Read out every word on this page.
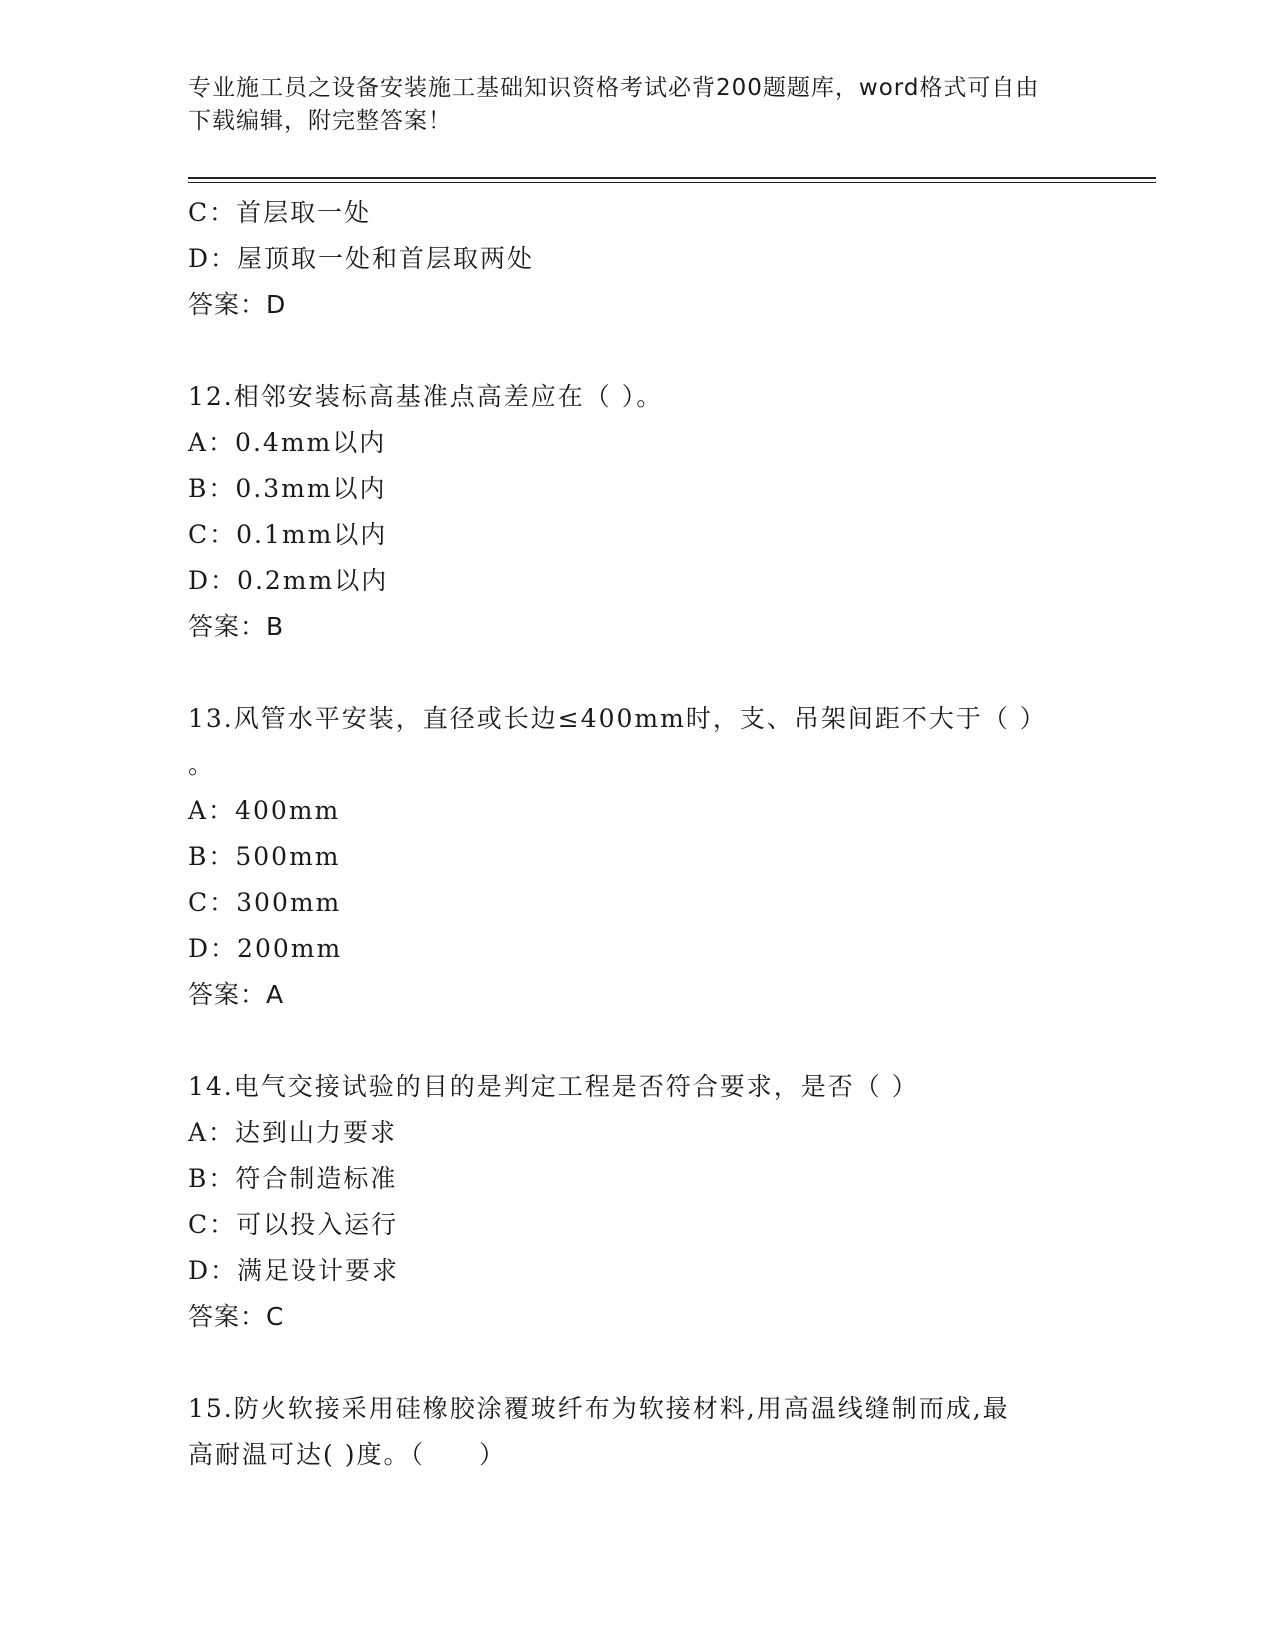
专业施工员之设备安装施工基础知识资格考试必背200题题库，word格式可自由
下载编辑，附完整答案！
C：首层取一处
D：屋顶取一处和首层取两处
答案：D
12.相邻安装标高基准点高差应在（ ）。
A：0.4mm以内
B：0.3mm以内
C：0.1mm以内
D：0.2mm以内
答案：B
13.风管水平安装，直径或长边≤400mm时，支、吊架间距不大于（ ）
。
A：400mm
B：500mm
C：300mm
D：200mm
答案：A
14.电气交接试验的目的是判定工程是否符合要求，是否（ ）
A：达到山力要求
B：符合制造标准
C：可以投入运行
D：满足设计要求
答案：C
15.防火软接采用硅橡胶涂覆玻纤布为软接材料,用高温线缝制而成,最
高耐温可达( )度。（　　）
